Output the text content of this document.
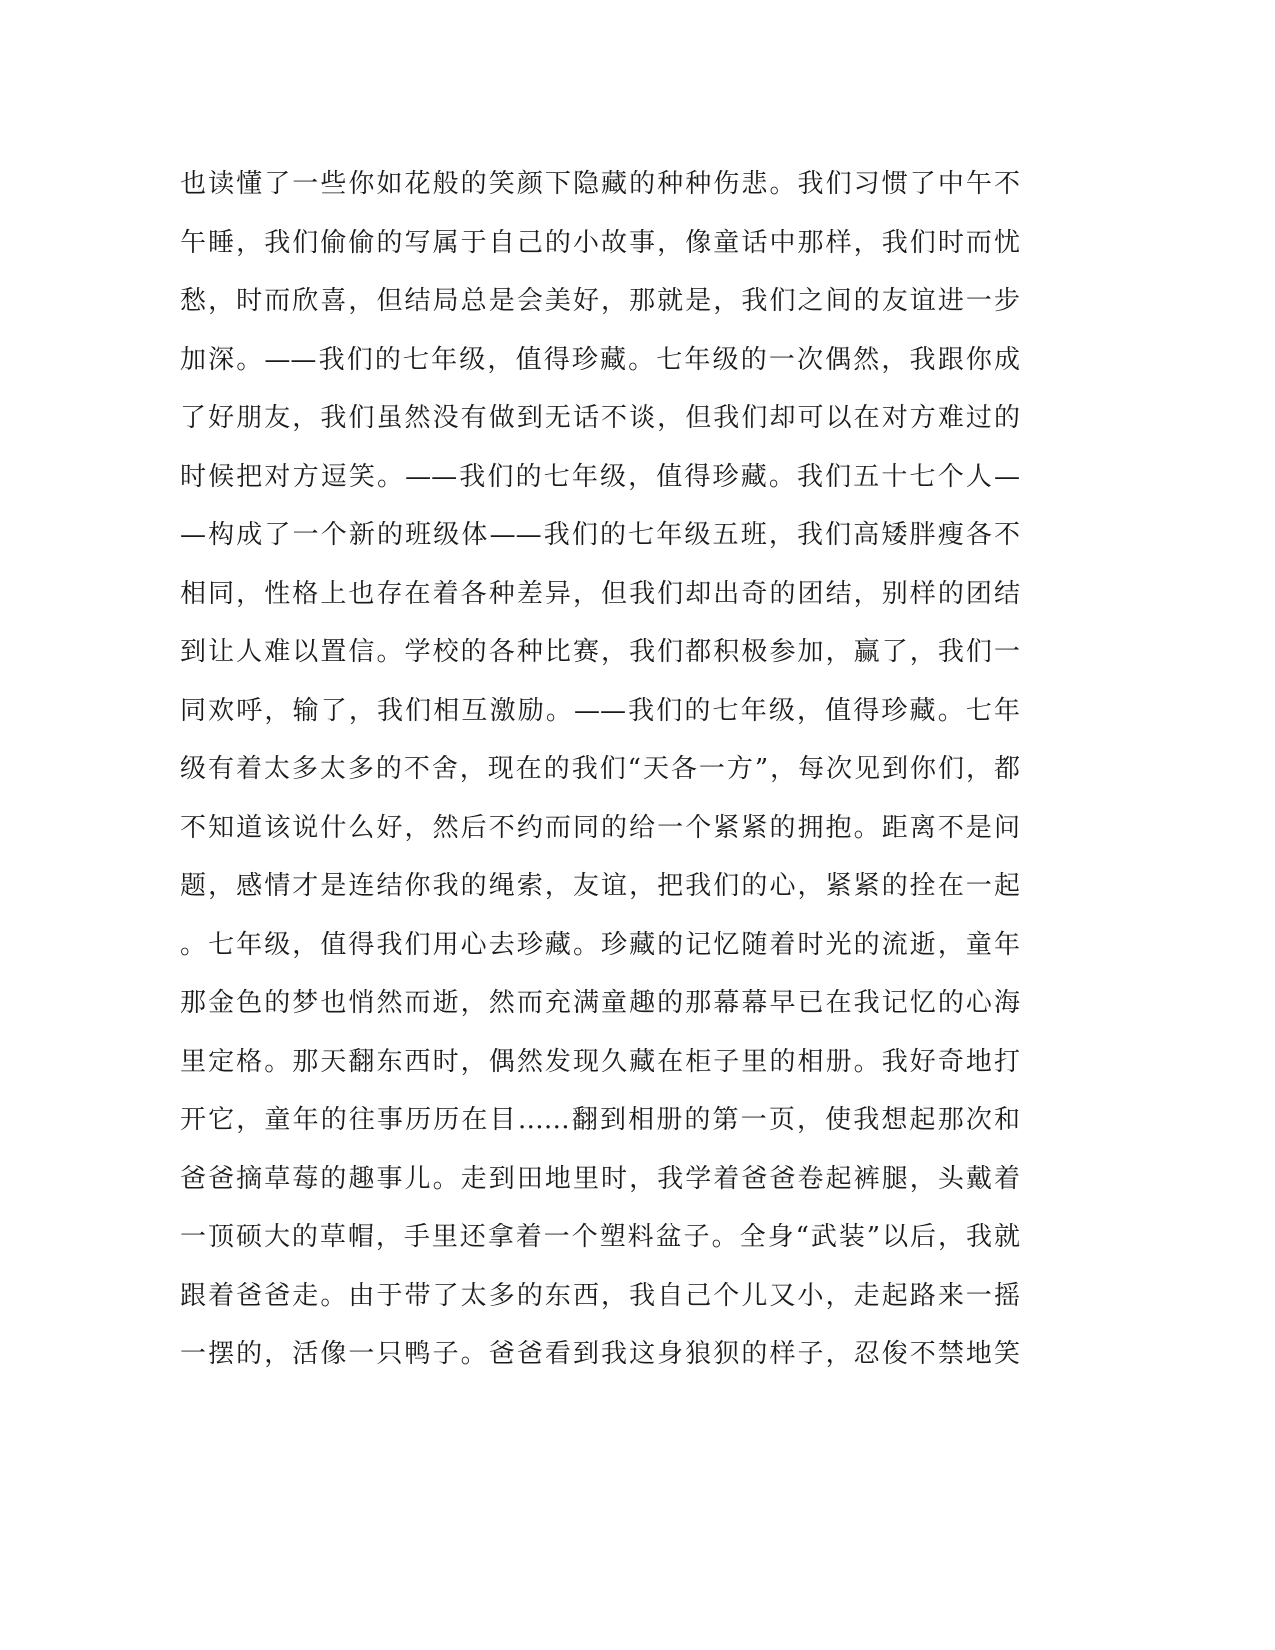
也读懂了一些你如花般的笑颜下隐藏的种种伤悲。我们习惯了中午不
午睡，我们偷偷的写属于自己的小故事，像童话中那样，我们时而忧
愁，时而欣喜，但结局总是会美好，那就是，我们之间的友谊进一步
加深。——我们的七年级，值得珍藏。七年级的一次偶然，我跟你成
了好朋友，我们虽然没有做到无话不谈，但我们却可以在对方难过的
时候把对方逗笑。——我们的七年级，值得珍藏。我们五十七个人—
—构成了一个新的班级体——我们的七年级五班，我们高矮胖瘦各不
相同，性格上也存在着各种差异，但我们却出奇的团结，别样的团结
到让人难以置信。学校的各种比赛，我们都积极参加，赢了，我们一
同欢呼，输了，我们相互激励。——我们的七年级，值得珍藏。七年
级有着太多太多的不舍，现在的我们“天各一方”，每次见到你们，都
不知道该说什么好，然后不约而同的给一个紧紧的拥抱。距离不是问
题，感情才是连结你我的绳索，友谊，把我们的心，紧紧的拴在一起
。七年级，值得我们用心去珍藏。珍藏的记忆随着时光的流逝，童年
那金色的梦也悄然而逝，然而充满童趣的那幕幕早已在我记忆的心海
里定格。那天翻东西时，偶然发现久藏在柜子里的相册。我好奇地打
开它，童年的往事历历在目……翻到相册的第一页，使我想起那次和
爸爸摘草莓的趣事儿。走到田地里时，我学着爸爸卷起裤腿，头戴着
一顶硕大的草帽，手里还拿着一个塑料盆子。全身“武装”以后，我就
跟着爸爸走。由于带了太多的东西，我自己个儿又小，走起路来一摇
一摆的，活像一只鸭子。爸爸看到我这身狼狈的样子，忍俊不禁地笑
